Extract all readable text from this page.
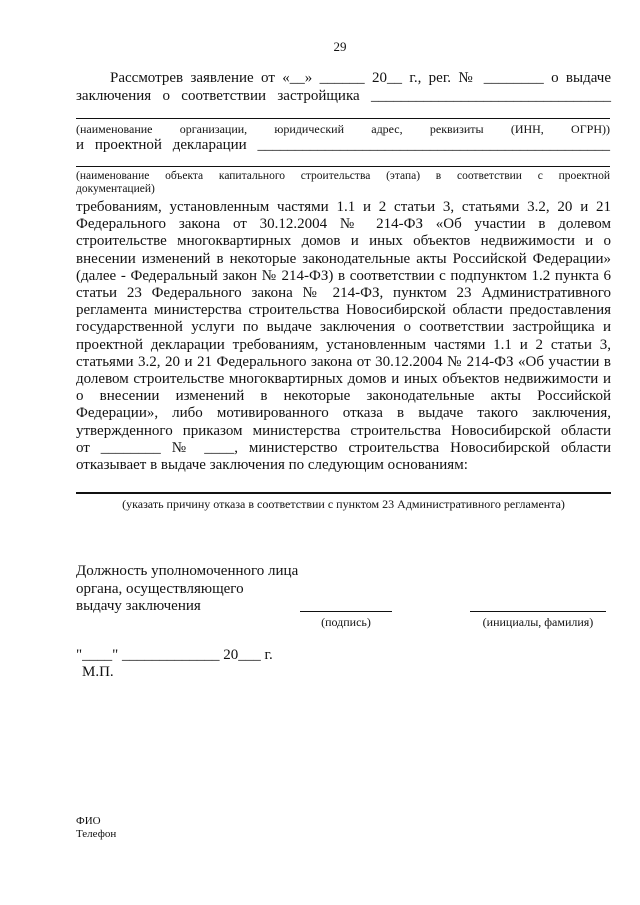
29
Рассмотрев заявление от «__» ______ 20__ г., рег. № ________ о выдаче
заключения о соответствии застройщика ________________________________
(наименование организации, юридический адрес, реквизиты (ИНН, ОГРН))
и проектной декларации _______________________________________________
(наименование объекта капитального строительства (этапа) в соответствии с проектной
документацией)
требованиям, установленным частями 1.1 и 2 статьи 3, статьями 3.2, 20 и 21
Федерального закона от 30.12.2004 № 214-ФЗ «Об участии в долевом
строительстве многоквартирных домов и иных объектов недвижимости и о
внесении изменений в некоторые законодательные акты Российской Федерации»
(далее - Федеральный закон № 214-ФЗ) в соответствии с подпунктом 1.2 пункта 6
статьи 23 Федерального закона № 214-ФЗ, пунктом 23 Административного
регламента министерства строительства Новосибирской области предоставления
государственной услуги по выдаче заключения о соответствии застройщика и
проектной декларации требованиям, установленным частями 1.1 и 2 статьи 3,
статьями 3.2, 20 и 21 Федерального закона от 30.12.2004 № 214-ФЗ «Об участии в
долевом строительстве многоквартирных домов и иных объектов недвижимости и
о внесении изменений в некоторые законодательные акты Российской
Федерации», либо мотивированного отказа в выдаче такого заключения,
утвержденного приказом министерства строительства Новосибирской области
от ________ № ____, министерство строительства Новосибирской области
отказывает в выдаче заключения по следующим основаниям:
(указать причину отказа в соответствии с пунктом 23 Административного регламента)
Должность уполномоченного лица
органа, осуществляющего
выдачу заключения
(подпись)	(инициалы, фамилия)
"____" _____________ 20___ г.
М.П.
ФИО
Телефон
